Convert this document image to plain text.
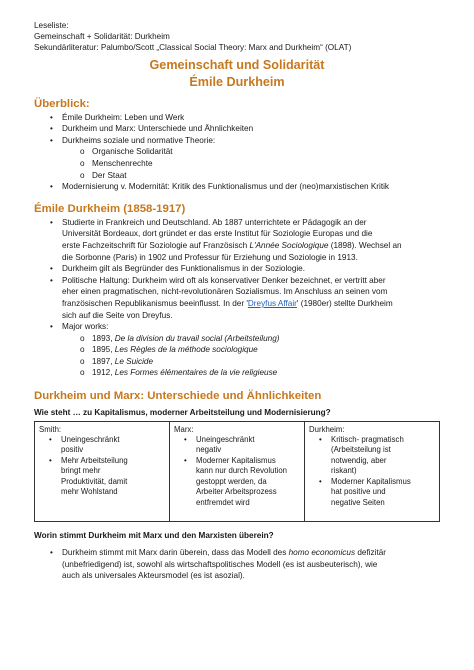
Leseliste:
Gemeinschaft + Solidarität: Durkheim
Sekundärliteratur: Palumbo/Scott „Classical Social Theory: Marx and Durkheim“ (OLAT)
Gemeinschaft und Solidarität
Émile Durkheim
Überblick:
• Émile Durkheim: Leben und Werk
• Durkheim und Marx: Unterschiede und Ähnlichkeiten
• Durkheims soziale und normative Theorie:
o Organische Solidarität
o Menschenrechte
o Der Staat
• Modernisierung v. Modernität: Kritik des Funktionalismus und der (neo)marxistischen Kritik
Émile Durkheim (1858-1917)
• Studierte in Frankreich und Deutschland. Ab 1887 unterrichtete er Pädagogik an der
Universität Bordeaux, dort gründet er das erste Institut für Soziologie Europas und die
erste Fachzeitschrift für Soziologie auf Französisch L'Année Sociologique (1898). Wechsel an
die Sorbonne (Paris) in 1902 und Professur für Erziehung und Soziologie in 1913.
• Durkheim gilt als Begründer des Funktionalismus in der Soziologie.
• Politische Haltung: Durkheim wird oft als konservativer Denker bezeichnet, er vertritt aber
eher einen pragmatischen, nicht-revolutionären Sozialismus. Im Anschluss an seinen vom
französischen Republikanismus beeinflusst. In der 'Dreyfus Affair' (1980er) stellte Durkheim
sich auf die Seite von Dreyfus.
• Major works:
o 1893, De la division du travail social (Arbeitsteilung)
o 1895, Les Règles de la méthode sociologique
o 1897, Le Suicide
o 1912, Les Formes élémentaires de la vie religieuse
Durkheim und Marx: Unterschiede und Ähnlichkeiten
Wie steht … zu Kapitalismus, moderner Arbeitsteilung und Modernisierung?
Smith:
• Uneingeschränkt
positiv
• Mehr Arbeitsteilung
bringt mehr
Produktivität, damit
mehr Wohlstand
Marx:
• Uneingeschränkt
negativ
• Moderner Kapitalismus
kann nur durch Revolution
gestoppt werden, da
Arbeiter Arbeitsprozess
entfremdet wird
Durkheim:
• Kritisch- pragmatisch
(Arbeitsteilung ist
notwendig, aber
riskant)
• Moderner Kapitalismus
hat positive und
negative Seiten
Worin stimmt Durkheim mit Marx und den Marxisten überein?
• Durkheim stimmt mit Marx darin überein, dass das Modell des homo economicus defizitär
(unbefriedigend) ist, sowohl als wirtschaftspolitisches Modell (es ist ausbeuterisch), wie
auch als universales Akteursmodel (es ist asozial).
